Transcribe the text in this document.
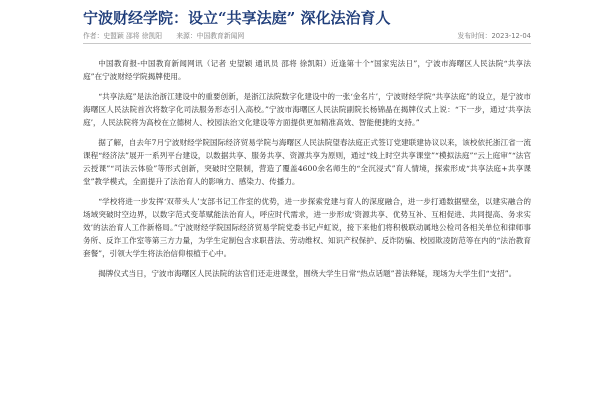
宁波财经学院：设立“共享法庭” 深化法治育人
作者：史盟颖 邵将 徐凯阳 来源：中国教育新闻网	发布时间：2023-12-04

中国教育报-中国教育新闻网讯（记者 史望颖 通讯员 邵将 徐凯阳）近逢第十个“国家宪法日”，宁波市海曙区人民法院“共享法庭”在宁波财经学院揭牌使用。

“共享法庭”是法治浙江建设中的重要创新，是浙江法院数字化建设中的一张‘金名片’，宁波财经学院“共享法庭”的设立，是宁波市海曙区人民法院首次将数字化司法服务形态引入高校。”宁波市海曙区人民法院副院长杨锦晶在揭牌仪式上说：“下一步，通过‘共享法庭’，人民法院将为高校在立德树人、校园法治文化建设等方面提供更加精准高效、智能便捷的支持。”

据了解，自去年7月宁波财经学院国际经济贸易学院与海曙区人民法院望春法庭正式签订党建联建协议以来，该校依托浙江省一流课程“经济法”展开一系列平台建设，以数据共享、服务共享、资源共享为原则，通过“线上时空共享课堂”“模拟法庭”“云上庭审”“法官云授课”“司法云体验”等形式创新，突破时空限制，营造了覆盖4600余名师生的“全沉浸式”育人情境，探索形成“共享法庭+共享课堂”教学模式，全面提升了法治育人的影响力、感染力、传播力。

“学校将进一步发挥‘双带头人’支部书记工作室的优势，进一步探索党建与育人的深度融合，进一步打通数据壁垒，以建实融合的场域突破时空边界，以数字范式变革赋能法治育人，呼应时代需求，进一步形成‘资源共享、优势互补、互相促进、共同提高、务求实效’的法治育人工作新格局。”宁波财经学院国际经济贸易学院党委书记卢虹说，接下来他们将积极联动属地公检司各相关单位和律师事务所、反诈工作室等第三方力量，为学生定制包含求职普法、劳动维权、知识产权保护、反诈防骗、校园欺凌防范等在内的“法治教育套餐”，引领大学生将法治信仰根植于心中。

揭牌仪式当日，宁波市海曙区人民法院的法官们还走进课堂，围绕大学生日常“热点话题”普法释疑，现场为大学生们“支招”。
